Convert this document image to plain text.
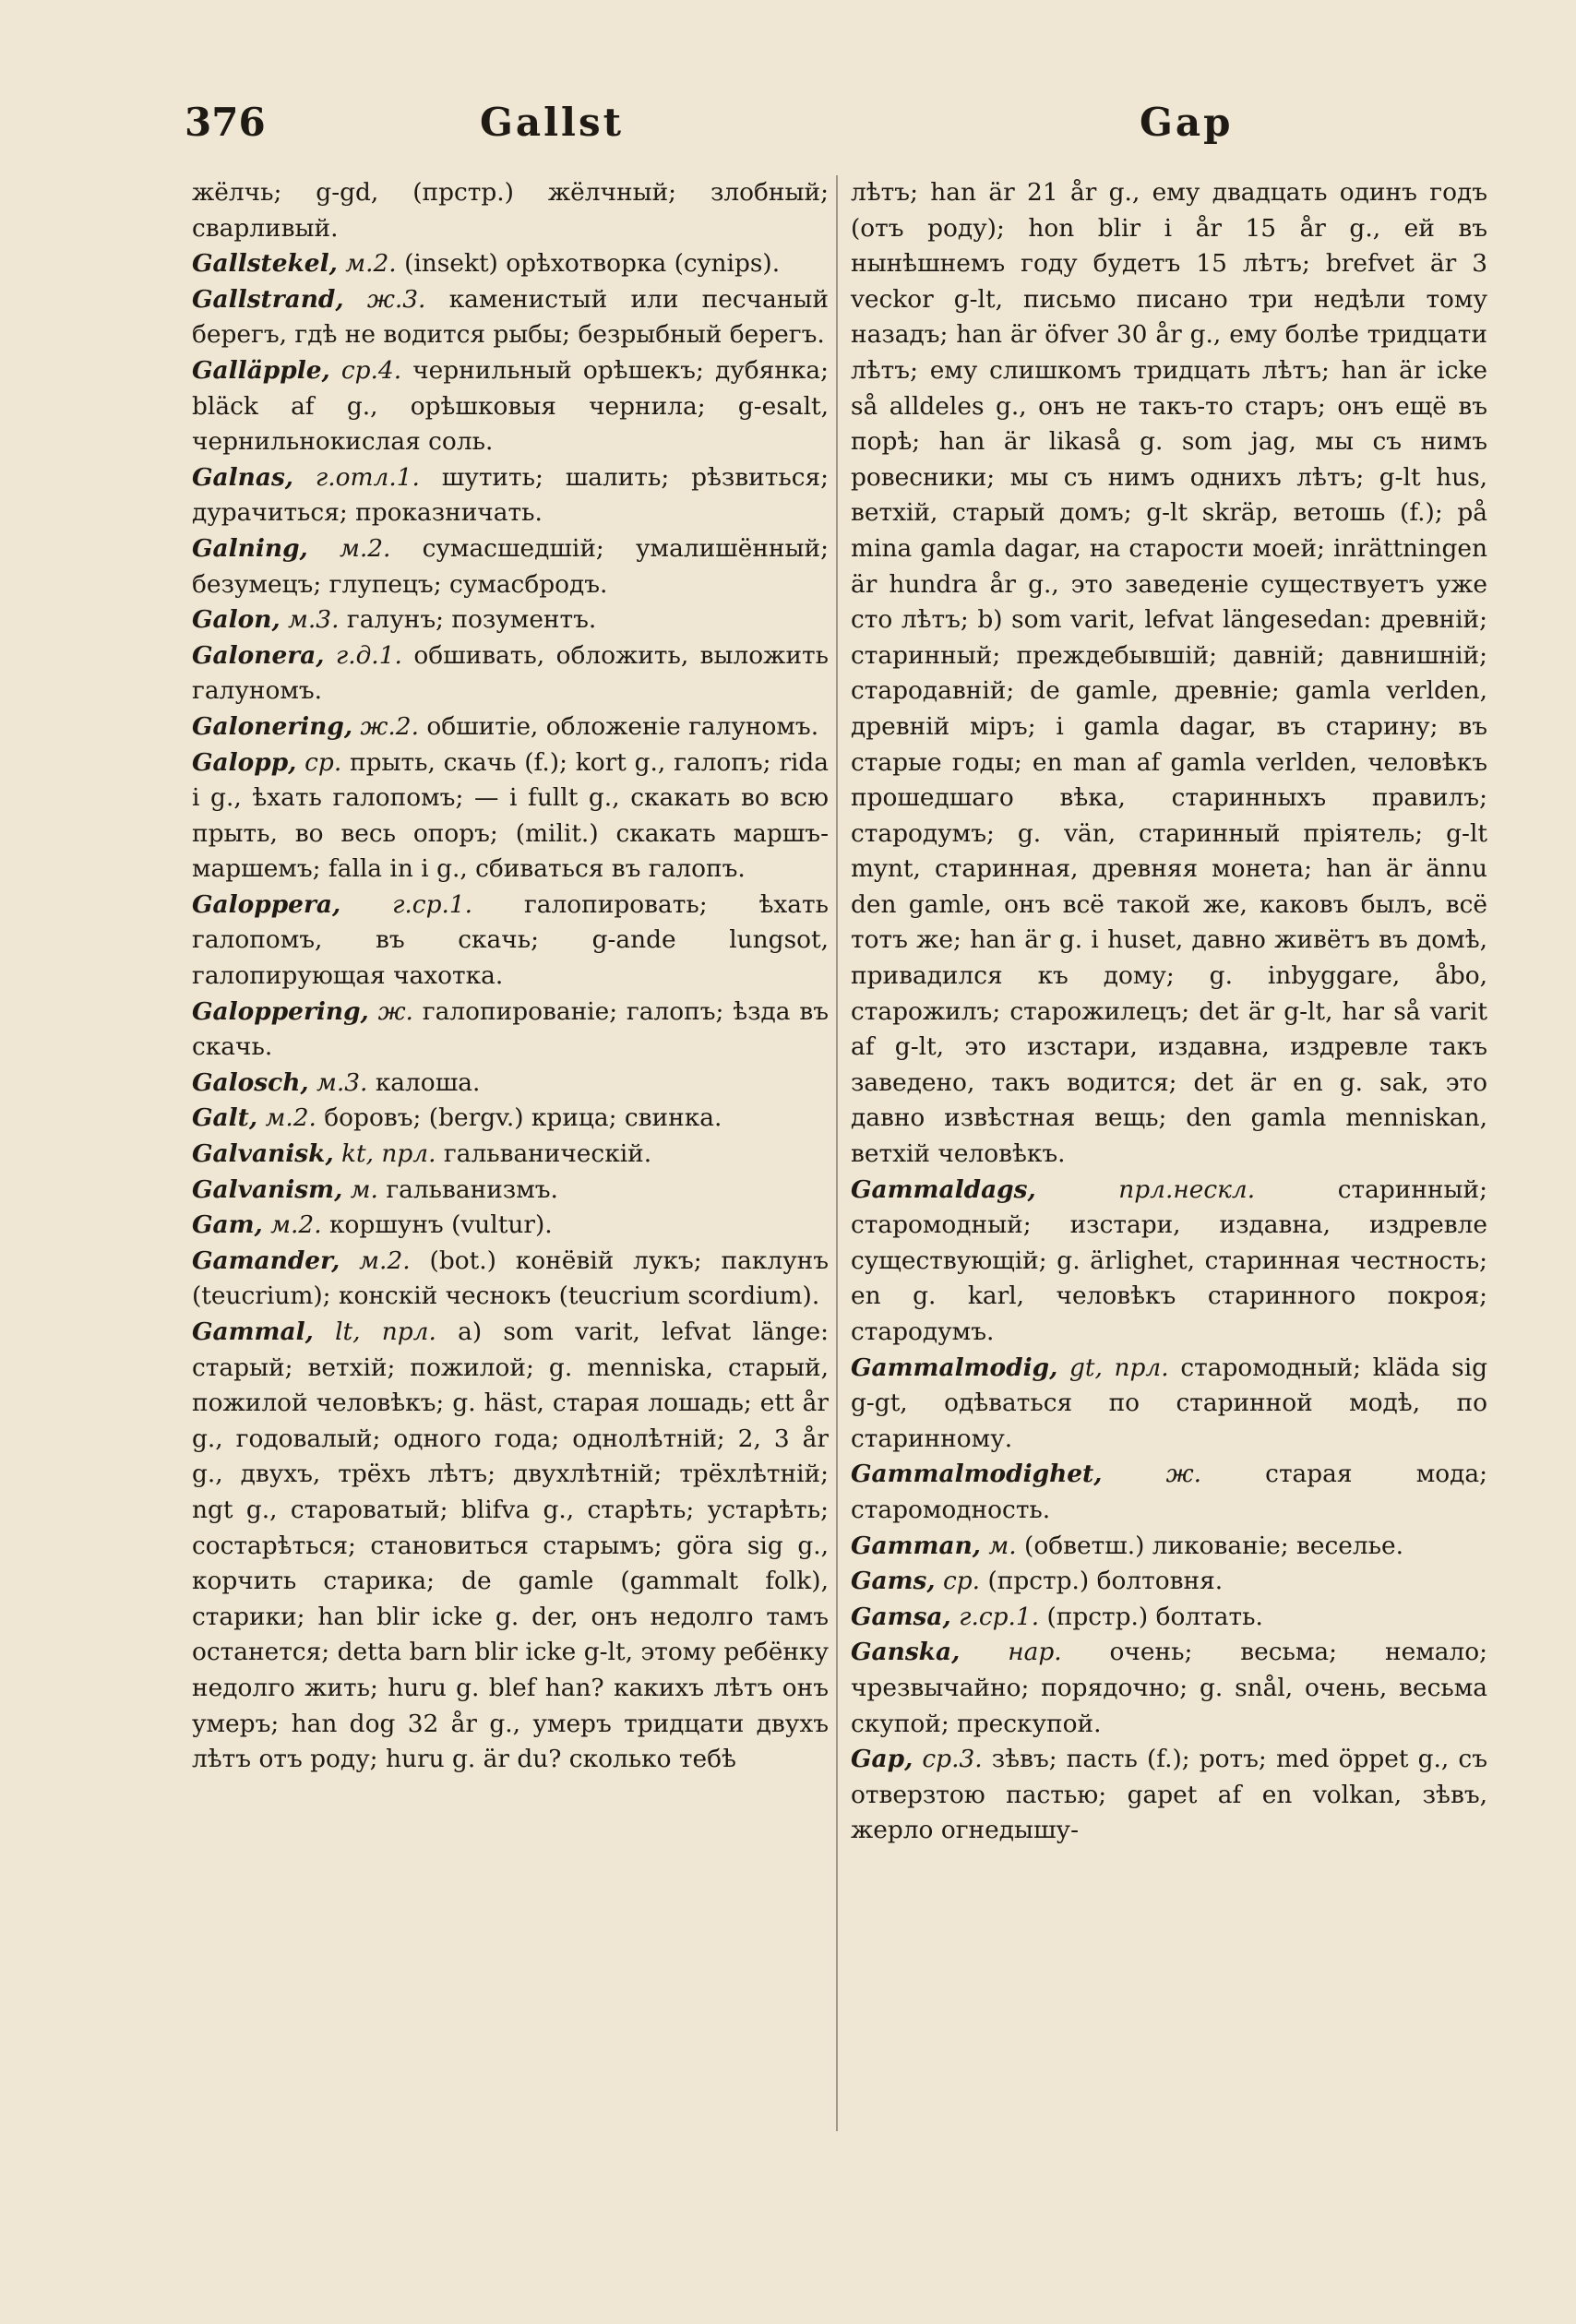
376	Gallst	Gap

жёлчь; g-gd, (прстр.) жёлчный; злобный; сварливый.

Gallstekel, м.2. (insekt) орѣхотворка (cynips).

Gallstrand, ж.3. каменистый или песчаный берегъ, гдѣ не водится рыбы; безрыбный берегъ.

Galläpple, ср.4. чернильный орѣшекъ; дубянка; bläck af g., орѣшковыя чернила; g-esalt, чернильнокислая соль.

Galnas, г.отл.1. шутить; шалить; рѣзвиться; дурачиться; проказничать.

Galning, м.2. сумасшедшій; умалишённый; безумецъ; глупецъ; сумасбродъ.

Galon, м.3. галунъ; позументъ.

Galonera, г.д.1. обшивать, обложить, выложить галуномъ.

Galonering, ж.2. обшитіе, обложеніе галуномъ.

Galopp, ср. прыть, скачь (f.); kort g., галопъ; rida i g., ѣхать галопомъ; — i fullt g., скакать во всю прыть, во весь опоръ; (milit.) скакать маршъ-маршемъ; falla in i g., сбиваться въ галопъ.

Galoppera, г.ср.1. галопировать; ѣхать галопомъ, въ скачь; g-ande lungsot, галопирующая чахотка.

Galoppering, ж. галопированіе; галопъ; ѣзда въ скачь.

Galosch, м.3. калоша.

Galt, м.2. боровъ; (bergv.) крица; свинка.

Galvanisk, kt, прл. гальваническій.

Galvanism, м. гальванизмъ.

Gam, м.2. коршунъ (vultur).

Gamander, м.2. (bot.) конёвій лукъ; паклунъ (teucrium); конскій чеснокъ (teucrium scordium).

Gammal, lt, прл. a) som varit, lefvat länge: старый; ветхій; пожилой; g. menniska, старый, пожилой человѣкъ; g. häst, старая лошадь; ett år g., годовалый; одного года; однолѣтній; 2, 3 år g., двухъ, трёхъ лѣтъ; двухлѣтній; трёхлѣтній; ngt g., староватый; blifva g., старѣть; устарѣть; состарѣться; становиться старымъ; göra sig g., корчить старика; de gamle (gammalt folk), старики; han blir icke g. der, онъ недолго тамъ останется; detta barn blir icke g-lt, этому ребёнку недолго жить; huru g. blef han? какихъ лѣтъ онъ умеръ; han dog 32 år g., умеръ тридцати двухъ лѣтъ отъ роду; huru g. är du? сколько тебѣ

лѣтъ; han är 21 år g., ему двадцать одинъ годъ (отъ роду); hon blir i år 15 år g., ей въ нынѣшнемъ году будетъ 15 лѣтъ; brefvet är 3 veckor g-lt, письмо писано три недѣли тому назадъ; han är öfver 30 år g., ему болѣе тридцати лѣтъ; ему слишкомъ тридцать лѣтъ; han är icke så alldeles g., онъ не такъ-то старъ; онъ ещё въ порѣ; han är likaså g. som jag, мы съ нимъ ровесники; мы съ нимъ одниxъ лѣтъ; g-lt hus, ветхій, старый домъ; g-lt skräp, ветошь (f.); på mina gamla dagar, на старости моей; inrättningen är hundra år g., это заведеніе существуетъ уже сто лѣтъ; b) som varit, lefvat längesedan: древній; старинный; преждебывшій; давній; давнишній; стародавній; de gamle, древніе; gamla verlden, древній міръ; i gamla dagar, въ старину; въ старые годы; en man af gamla verlden, человѣкъ прошедшаго вѣка, старинныхъ правилъ; стародумъ; g. vän, старинный пріятель; g-lt mynt, старинная, древняя монета; han är ännu den gamle, онъ всё такой же, каковъ былъ, всё тотъ же; han är g. i huset, давно живётъ въ домѣ, привадился къ дому; g. inbyggare, åbo, старожилъ; старожилецъ; det är g-lt, har så varit af g-lt, это изстари, издавна, издревле такъ заведено, такъ водится; det är en g. sak, это давно извѣстная вещь; den gamla menniskan, ветхій человѣкъ.

Gammaldags,	прл.нескл.	старинный; старомодный; изстари, издавна, издревле существующій; g. ärlighet, старинная честность; en g. karl, человѣкъ старинного покроя; стародумъ.

Gammalmodig, gt, прл. старомодный; kläda sig g-gt, одѣваться по старинной модѣ, по старинному.

Gammalmodighet,	ж.	старая мода; старомодность.

Gamman, м. (обветш.) ликованіе; веселье.

Gams, ср. (прстр.) болтовня.

Gamsa, г.ср.1. (прстр.) болтать.

Ganska, нар. очень; весьма; немало; чрезвычайно; порядочно; g. snål, очень, весьма скупой; прескупой.

Gap, ср.3. зѣвъ; пасть (f.); ротъ; med öppet g., съ отверзтою пастью; gapet af en volkan, зѣвъ, жерло огнедышу-
